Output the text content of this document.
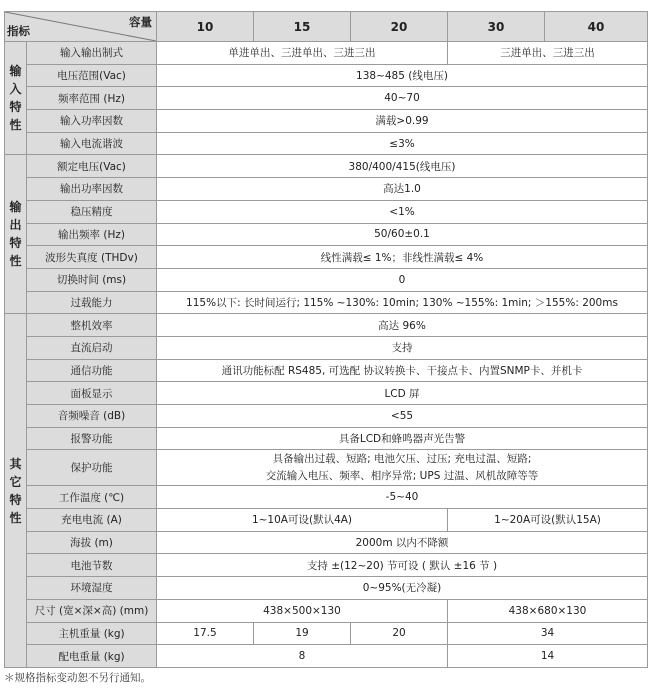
容量
指标		10	15	20	30	40

输
入
特
性	输入输出制式	单进单出、三进单出、三进三出			三进单出、三进三出	
	电压范围(Vac)	138~485 (线电压)				
	频率范围 (Hz)	40~70				
	输入功率因数	满载>0.99				
	输入电流谐波	≤3%				

输
出
特
性	额定电压(Vac)	380/400/415(线电压)				
	输出功率因数	高达1.0				
	稳压精度	<1%				
	输出频率 (Hz)	50/60±0.1				
	波形失真度 (THDv)	线性满载≤ 1%；非线性满载≤ 4%				
	切换时间 (ms)	0				
	过载能力	115%以下: 长时间运行; 115% ~130%: 10min; 130% ~155%: 1min; ＞155%: 200ms				

其
它
特
性	整机效率	高达 96%				
	直流启动	支持				
	通信功能	通讯功能标配 RS485, 可选配 协议转换卡、干接点卡、内置SNMP卡、并机卡				
	面板显示	LCD 屏				
	音频噪音 (dB)	<55				
	报警功能	具备LCD和蜂鸣器声光告警				
	保护功能	具备输出过载、短路; 电池欠压、过压; 充电过温、短路;
交流输入电压、频率、相序异常; UPS 过温、风机故障等等				

	工作温度 (℃)	-5~40				
	充电电流 (A)	1~10A可设(默认4A)			1~20A可设(默认15A)	
	海拔 (m)	2000m 以内不降额				
	电池节数	支持 ±(12~20) 节可设 ( 默认 ±16 节 )				
	环境湿度	0~95%(无冷凝)				
	尺寸 (宽×深×高) (mm)	438×500×130			438×680×130	
	主机重量 (kg)	17.5	19	20	34	
	配电重量 (kg)	8			14	
＊规格指标变动恕不另行通知。
